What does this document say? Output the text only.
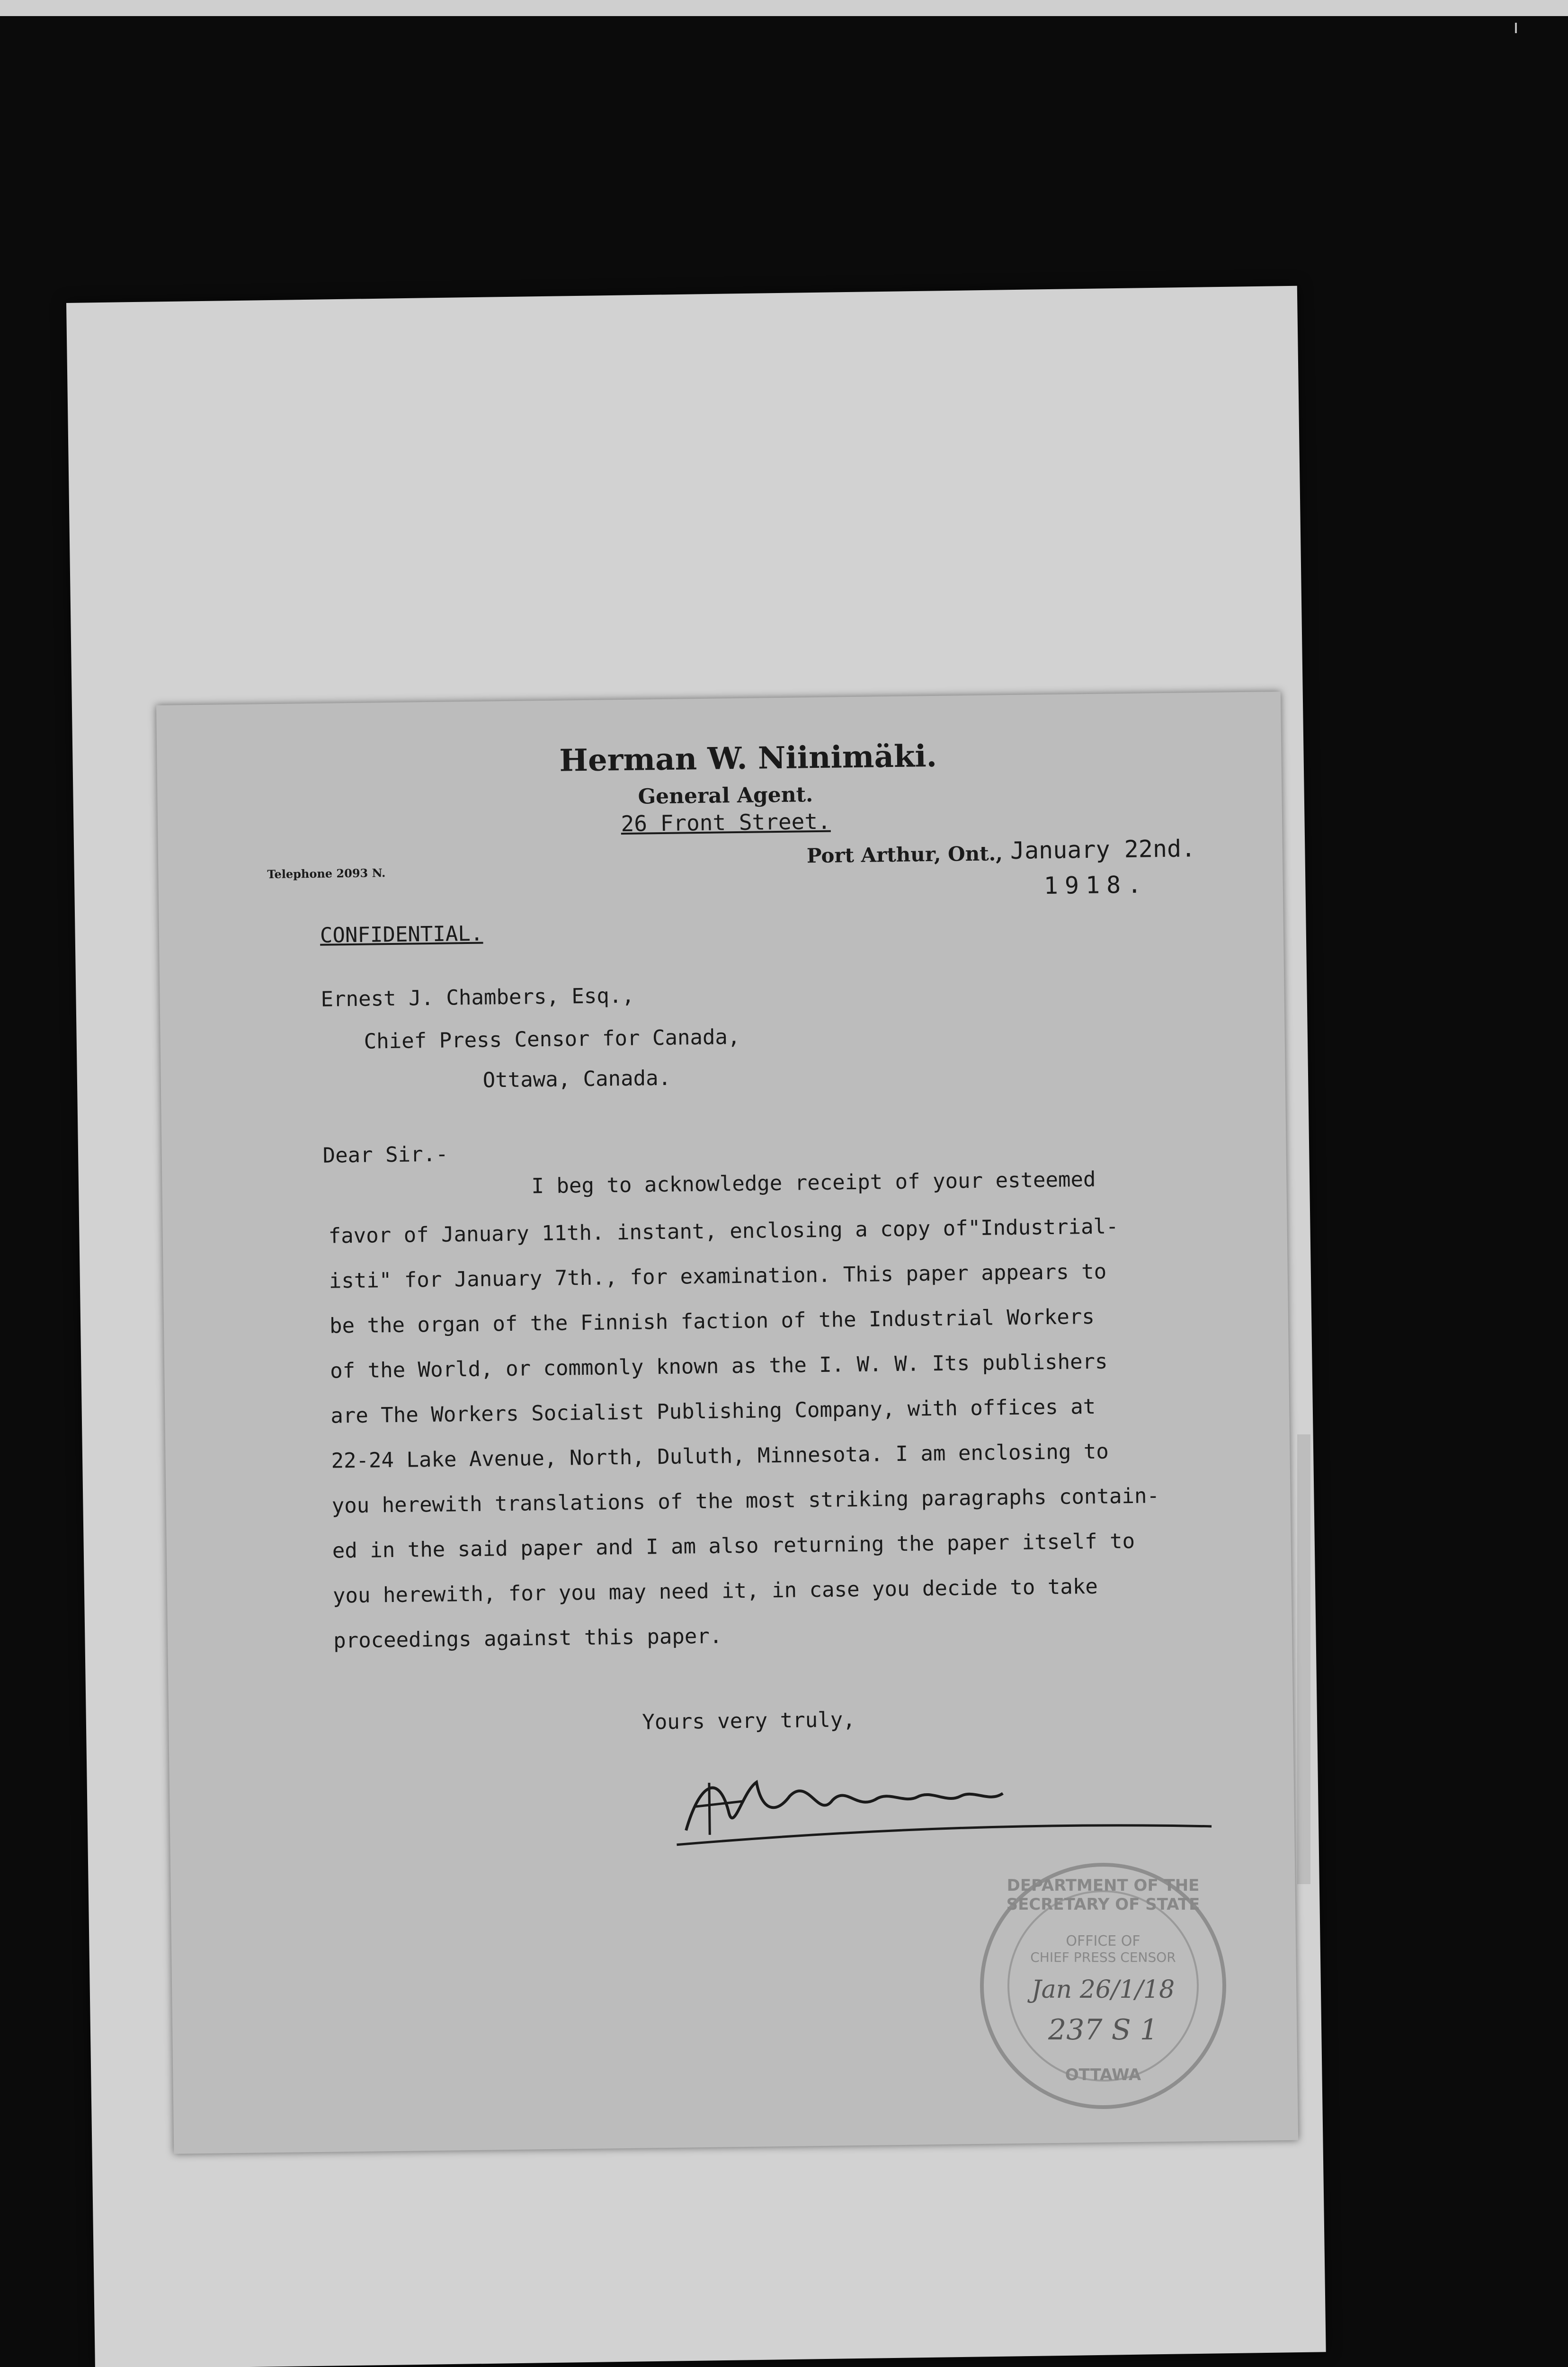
Herman W. Niinimäki.
General Agent.
26 Front Street.
Telephone 2093 N.
Port Arthur, Ont., January 22nd.
1918.
CONFIDENTIAL.
Ernest J. Chambers, Esq.,
Chief Press Censor for Canada,
Ottawa, Canada.
Dear Sir.-
I beg to acknowledge receipt of your esteemed
favor of January 11th. instant, enclosing a copy of"Industrial-
isti" for January 7th., for examination. This paper appears to
be the organ of the Finnish faction of the Industrial Workers
of the World, or commonly known as the I. W. W. Its publishers
are The Workers Socialist Publishing Company, with offices at
22-24 Lake Avenue, North, Duluth, Minnesota. I am enclosing to
you herewith translations of the most striking paragraphs contain-
ed in the said paper and I am also returning the paper itself to
you herewith, for you may need it, in case you decide to take
proceedings against this paper.
Yours very truly,
DEPARTMENT OF THE SECRETARY OF STATE
OFFICE OF
CHIEF PRESS CENSOR
Jan 26/1/18
237 S 1
OTTAWA
